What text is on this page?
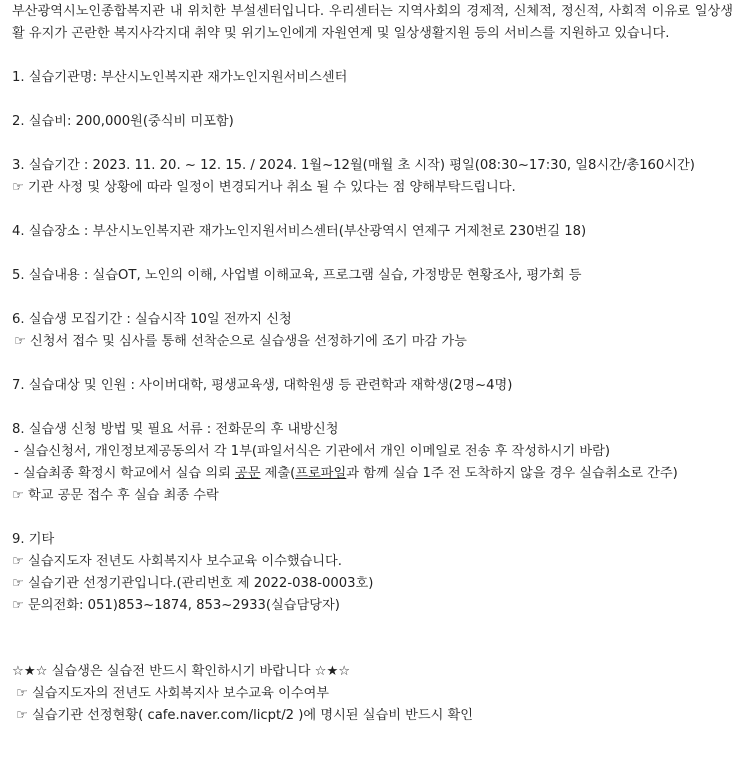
부산광역시노인종합복지관 내 위치한 부설센터입니다. 우리센터는 지역사회의 경제적, 신체적, 정신적, 사회적 이유로 일상생활 유지가 곤란한 복지사각지대 취약 및 위기노인에게 자원연계 및 일상생활지원 등의 서비스를 지원하고 있습니다.

1. 실습기관명: 부산시노인복지관 재가노인지원서비스센터

2. 실습비: 200,000원(중식비 미포함)

3. 실습기간 : 2023. 11. 20. ~ 12. 15. / 2024. 1월~12월(매월 초 시작) 평일(08:30~17:30, 일8시간/총160시간)

☞ 기관 사정 및 상황에 따라 일정이 변경되거나 취소 될 수 있다는 점 양해부탁드립니다.

4. 실습장소 : 부산시노인복지관 재가노인지원서비스센터(부산광역시 연제구 거제천로 230번길 18)

5. 실습내용 : 실습OT, 노인의 이해, 사업별 이해교육, 프로그램 실습, 가정방문 현황조사, 평가회 등

6. 실습생 모집기간 : 실습시작 10일 전까지 신청

☞ 신청서 접수 및 심사를 통해 선착순으로 실습생을 선정하기에 조기 마감 가능

7. 실습대상 및 인원 : 사이버대학, 평생교육생, 대학원생 등 관련학과 재학생(2명~4명)

8. 실습생 신청 방법 및 필요 서류 : 전화문의 후 내방신청

- 실습신청서, 개인정보제공동의서 각 1부(파일서식은 기관에서 개인 이메일로 전송 후 작성하시기 바람)

- 실습최종 확정시 학교에서 실습 의뢰 공문 제출(프로파일과 함께 실습 1주 전 도착하지 않을 경우 실습취소로 간주)

☞ 학교 공문 접수 후 실습 최종 수락

9. 기타

☞ 실습지도자 전년도 사회복지사 보수교육 이수했습니다.

☞ 실습기관 선정기관입니다.(관리번호 제 2022-038-0003호)

☞ 문의전화: 051)853~1874, 853~2933(실습담당자)

☆★☆ 실습생은 실습전 반드시 확인하시기 바랍니다 ☆★☆

☞ 실습지도자의 전년도 사회복지사 보수교육 이수여부

☞ 실습기관 선정현황( cafe.naver.com/licpt/2 )에 명시된 실습비 반드시 확인
